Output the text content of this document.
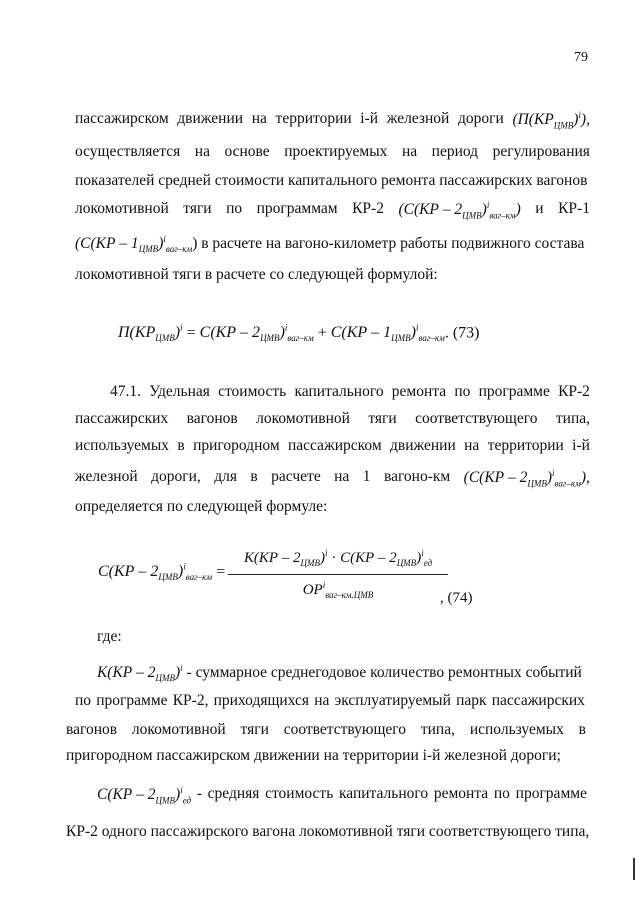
79
пассажирском движении на территории i-й железной дороги $(П(КР_{ЦМВ})^i)$,
осуществляется на основе проектируемых на период регулирования
показателей средней стоимости капитального ремонта пассажирских вагонов
локомотивной тяги по программам КР-2 $(С(КР - 2_{ЦМВ})^i_{ваг-км})$ и КР-1
$(С(КР - 1_{ЦМВ})^i_{ваг-км})$ в расчете на вагоно-километр работы подвижного состава
локомотивной тяги в расчете со следующей формулой:
$П(КР_{ЦМВ})^i = С(КР - 2_{ЦМВ})^i_{ваг-км} + С(КР - 1_{ЦМВ})^i_{ваг-км}$. (73)
47.1. Удельная стоимость капитального ремонта по программе КР-2
пассажирских вагонов локомотивной тяги соответствующего типа,
используемых в пригородном пассажирском движении на территории i-й
железной дороги, для в расчете на 1 вагоно-км $(С(КР - 2_{ЦМВ})^i_{ваг-км})$,
определяется по следующей формуле:
$С(КР - 2_{ЦМВ})^i_{ваг-км}$ =
$К(КР - 2_{ЦМВ})^i \cdot С(КР - 2_{ЦМВ})^i_{ед}$
$ОР^i_{ваг-км.ЦМВ}$	, (74)
где:
$К(КР - 2_{ЦМВ})^i$ - суммарное среднегодовое количество ремонтных событий
по программе КР-2, приходящихся на эксплуатируемый парк пассажирских
вагонов локомотивной тяги соответствующего типа, используемых в
пригородном пассажирском движении на территории i-й железной дороги;
$С(КР - 2_{ЦМВ})^i_{ед}$ - средняя стоимость капитального ремонта по программе
КР-2 одного пассажирского вагона локомотивной тяги соответствующего типа,
